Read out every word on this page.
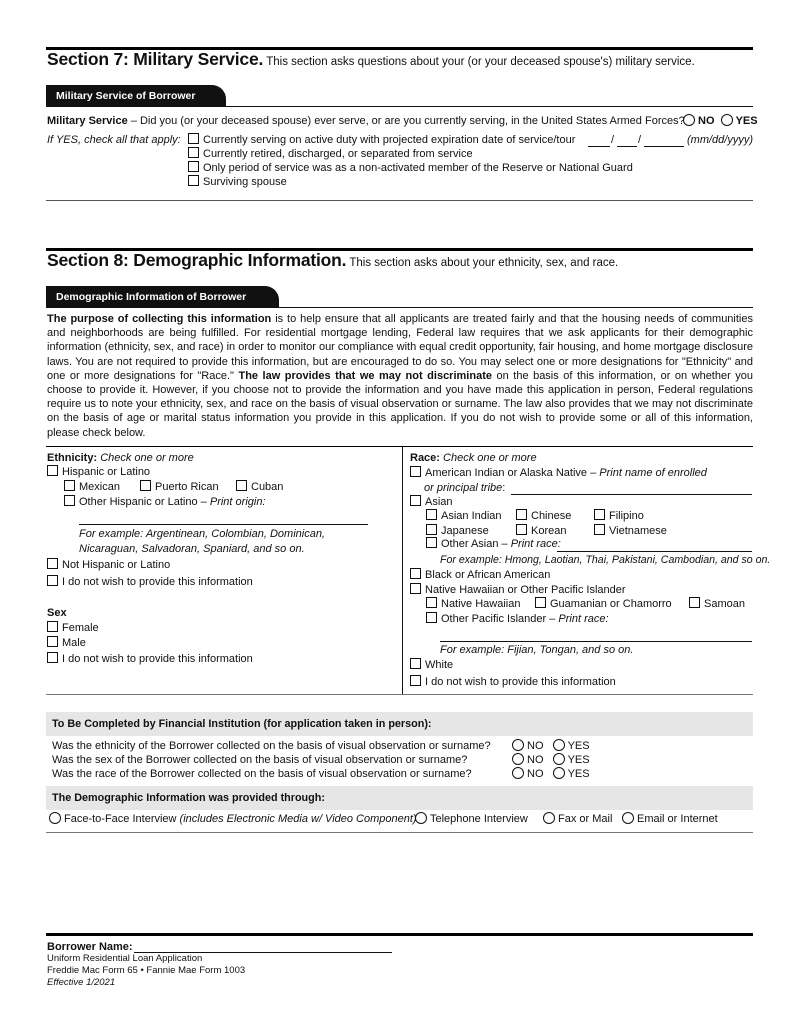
Section 7: Military Service. This section asks questions about your (or your deceased spouse's) military service.
Military Service of Borrower
Military Service – Did you (or your deceased spouse) ever serve, or are you currently serving, in the United States Armed Forces?	NO YES
If YES, check all that apply:	Currently serving on active duty with projected expiration date of service/tour	/ /	(mm/dd/yyyy)
Currently retired, discharged, or separated from service
Only period of service was as a non-activated member of the Reserve or National Guard
Surviving spouse
Section 8: Demographic Information. This section asks about your ethnicity, sex, and race.
Demographic Information of Borrower
The purpose of collecting this information is to help ensure that all applicants are treated fairly and that the housing needs of communities and neighborhoods are being fulfilled. For residential mortgage lending, Federal law requires that we ask applicants for their demographic information (ethnicity, sex, and race) in order to monitor our compliance with equal credit opportunity, fair housing, and home mortgage disclosure laws. You are not required to provide this information, but are encouraged to do so. You may select one or more designations for "Ethnicity" and one or more designations for "Race." The law provides that we may not discriminate on the basis of this information, or on whether you choose to provide it. However, if you choose not to provide the information and you have made this application in person, Federal regulations require us to note your ethnicity, sex, and race on the basis of visual observation or surname. The law also provides that we may not discriminate on the basis of age or marital status information you provide in this application. If you do not wish to provide some or all of this information, please check below.
Ethnicity: Check one or more
Hispanic or Latino
Mexican	Puerto Rican	Cuban
Other Hispanic or Latino – Print origin:
For example: Argentinean, Colombian, Dominican, Nicaraguan, Salvadoran, Spaniard, and so on.
Not Hispanic or Latino
I do not wish to provide this information
Sex
Female
Male
I do not wish to provide this information
Race: Check one or more
American Indian or Alaska Native – Print name of enrolled
or principal tribe:
Asian
Asian Indian	Chinese	Filipino
Japanese	Korean	Vietnamese
Other Asian – Print race:
For example: Hmong, Laotian, Thai, Pakistani, Cambodian, and so on.
Black or African American
Native Hawaiian or Other Pacific Islander
Native Hawaiian	Guamanian or Chamorro	Samoan
Other Pacific Islander – Print race:
For example: Fijian, Tongan, and so on.
White
I do not wish to provide this information
To Be Completed by Financial Institution (for application taken in person):
Was the ethnicity of the Borrower collected on the basis of visual observation or surname?
Was the sex of the Borrower collected on the basis of visual observation or surname?
Was the race of the Borrower collected on the basis of visual observation or surname?
NO YES
NO YES
NO YES
The Demographic Information was provided through:
Face-to-Face Interview (includes Electronic Media w/ Video Component)	Telephone Interview	Fax or Mail	Email or Internet
Borrower Name:
Uniform Residential Loan Application
Freddie Mac Form 65 • Fannie Mae Form 1003
Effective 1/2021
